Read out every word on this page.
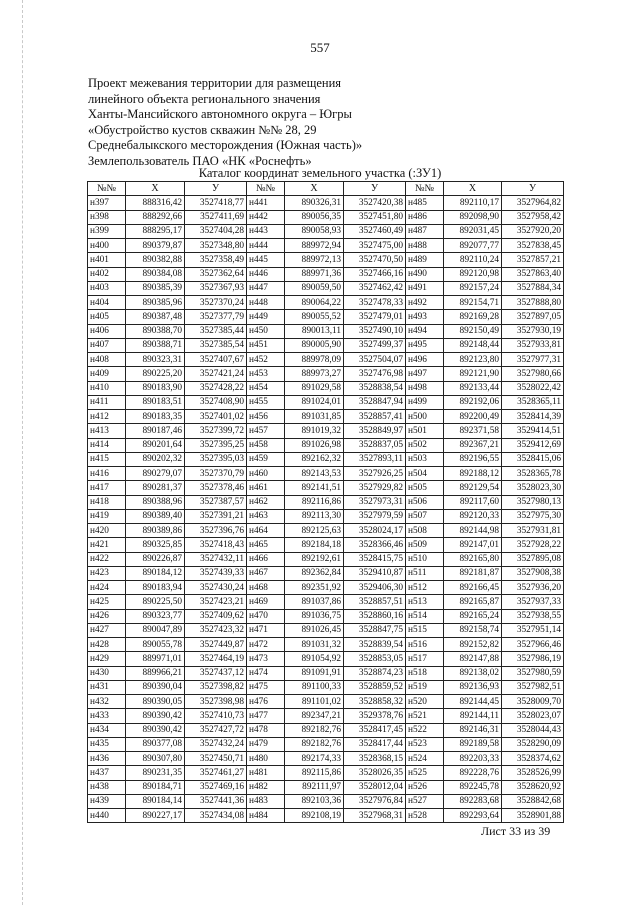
557
Проект межевания территории для размещения
линейного объекта регионального значения
Ханты-Мансийского автономного округа – Югры
«Обустройство кустов скважин №№ 28, 29
Среднебалыкского месторождения (Южная часть)»
Землепользователь ПАО «НК «Роснефть»
Каталог координат земельного участка (:ЗУ1)
№№	X	У	№№	X	У	№№	X	У
н397	888316,42	3527418,77	н441	890326,31	3527420,38	н485	892110,17	3527964,82
н398	888292,66	3527411,69	н442	890056,35	3527451,80	н486	892098,90	3527958,42
н399	888295,17	3527404,28	н443	890058,93	3527460,49	н487	892031,45	3527920,20
н400	890379,87	3527348,80	н444	889972,94	3527475,00	н488	892077,77	3527838,45
н401	890382,88	3527358,49	н445	889972,13	3527470,50	н489	892110,24	3527857,21
н402	890384,08	3527362,64	н446	889971,36	3527466,16	н490	892120,98	3527863,40
н403	890385,39	3527367,93	н447	890059,50	3527462,42	н491	892157,24	3527884,34
н404	890385,96	3527370,24	н448	890064,22	3527478,33	н492	892154,71	3527888,80
н405	890387,48	3527377,79	н449	890055,52	3527479,01	н493	892169,28	3527897,05
н406	890388,70	3527385,44	н450	890013,11	3527490,10	н494	892150,49	3527930,19
н407	890388,71	3527385,54	н451	890005,90	3527499,37	н495	892148,44	3527933,81
н408	890323,31	3527407,67	н452	889978,09	3527504,07	н496	892123,80	3527977,31
н409	890225,20	3527421,24	н453	889973,27	3527476,98	н497	892121,90	3527980,66
н410	890183,90	3527428,22	н454	891029,58	3528838,54	н498	892133,44	3528022,42
н411	890183,51	3527408,90	н455	891024,01	3528847,94	н499	892192,06	3528365,11
н412	890183,35	3527401,02	н456	891031,85	3528857,41	н500	892200,49	3528414,39
н413	890187,46	3527399,72	н457	891019,32	3528849,97	н501	892371,58	3529414,51
н414	890201,64	3527395,25	н458	891026,98	3528837,05	н502	892367,21	3529412,69
н415	890202,32	3527395,03	н459	892162,32	3527893,11	н503	892196,55	3528415,06
н416	890279,07	3527370,79	н460	892143,53	3527926,25	н504	892188,12	3528365,78
н417	890281,37	3527378,46	н461	892141,51	3527929,82	н505	892129,54	3528023,30
н418	890388,96	3527387,57	н462	892116,86	3527973,31	н506	892117,60	3527980,13
н419	890389,40	3527391,21	н463	892113,30	3527979,59	н507	892120,33	3527975,30
н420	890389,86	3527396,76	н464	892125,63	3528024,17	н508	892144,98	3527931,81
н421	890325,85	3527418,43	н465	892184,18	3528366,46	н509	892147,01	3527928,22
н422	890226,87	3527432,11	н466	892192,61	3528415,75	н510	892165,80	3527895,08
н423	890184,12	3527439,33	н467	892362,84	3529410,87	н511	892181,87	3527908,38
н424	890183,94	3527430,24	н468	892351,92	3529406,30	н512	892166,45	3527936,20
н425	890225,50	3527423,21	н469	891037,86	3528857,51	н513	892165,87	3527937,33
н426	890323,77	3527409,62	н470	891036,75	3528860,16	н514	892165,24	3527938,55
н427	890047,89	3527423,32	н471	891026,45	3528847,75	н515	892158,74	3527951,14
н428	890055,78	3527449,87	н472	891031,32	3528839,54	н516	892152,82	3527966,46
н429	889971,01	3527464,19	н473	891054,92	3528853,05	н517	892147,88	3527986,19
н430	889966,21	3527437,12	н474	891091,91	3528874,23	н518	892138,02	3527980,59
н431	890390,04	3527398,82	н475	891100,33	3528859,52	н519	892136,93	3527982,51
н432	890390,05	3527398,98	н476	891101,02	3528858,32	н520	892144,45	3528009,70
н433	890390,42	3527410,73	н477	892347,21	3529378,76	н521	892144,11	3528023,07
н434	890390,42	3527427,72	н478	892182,76	3528417,45	н522	892146,31	3528044,43
н435	890377,08	3527432,24	н479	892182,76	3528417,44	н523	892189,58	3528290,09
н436	890307,80	3527450,71	н480	892174,33	3528368,15	н524	892203,33	3528374,62
н437	890231,35	3527461,27	н481	892115,86	3528026,35	н525	892228,76	3528526,99
н438	890184,71	3527469,16	н482	892111,97	3528012,04	н526	892245,78	3528620,92
н439	890184,14	3527441,36	н483	892103,36	3527976,84	н527	892283,68	3528842,68
н440	890227,17	3527434,08	н484	892108,19	3527968,31	н528	892293,64	3528901,88
Лист 33 из 39
